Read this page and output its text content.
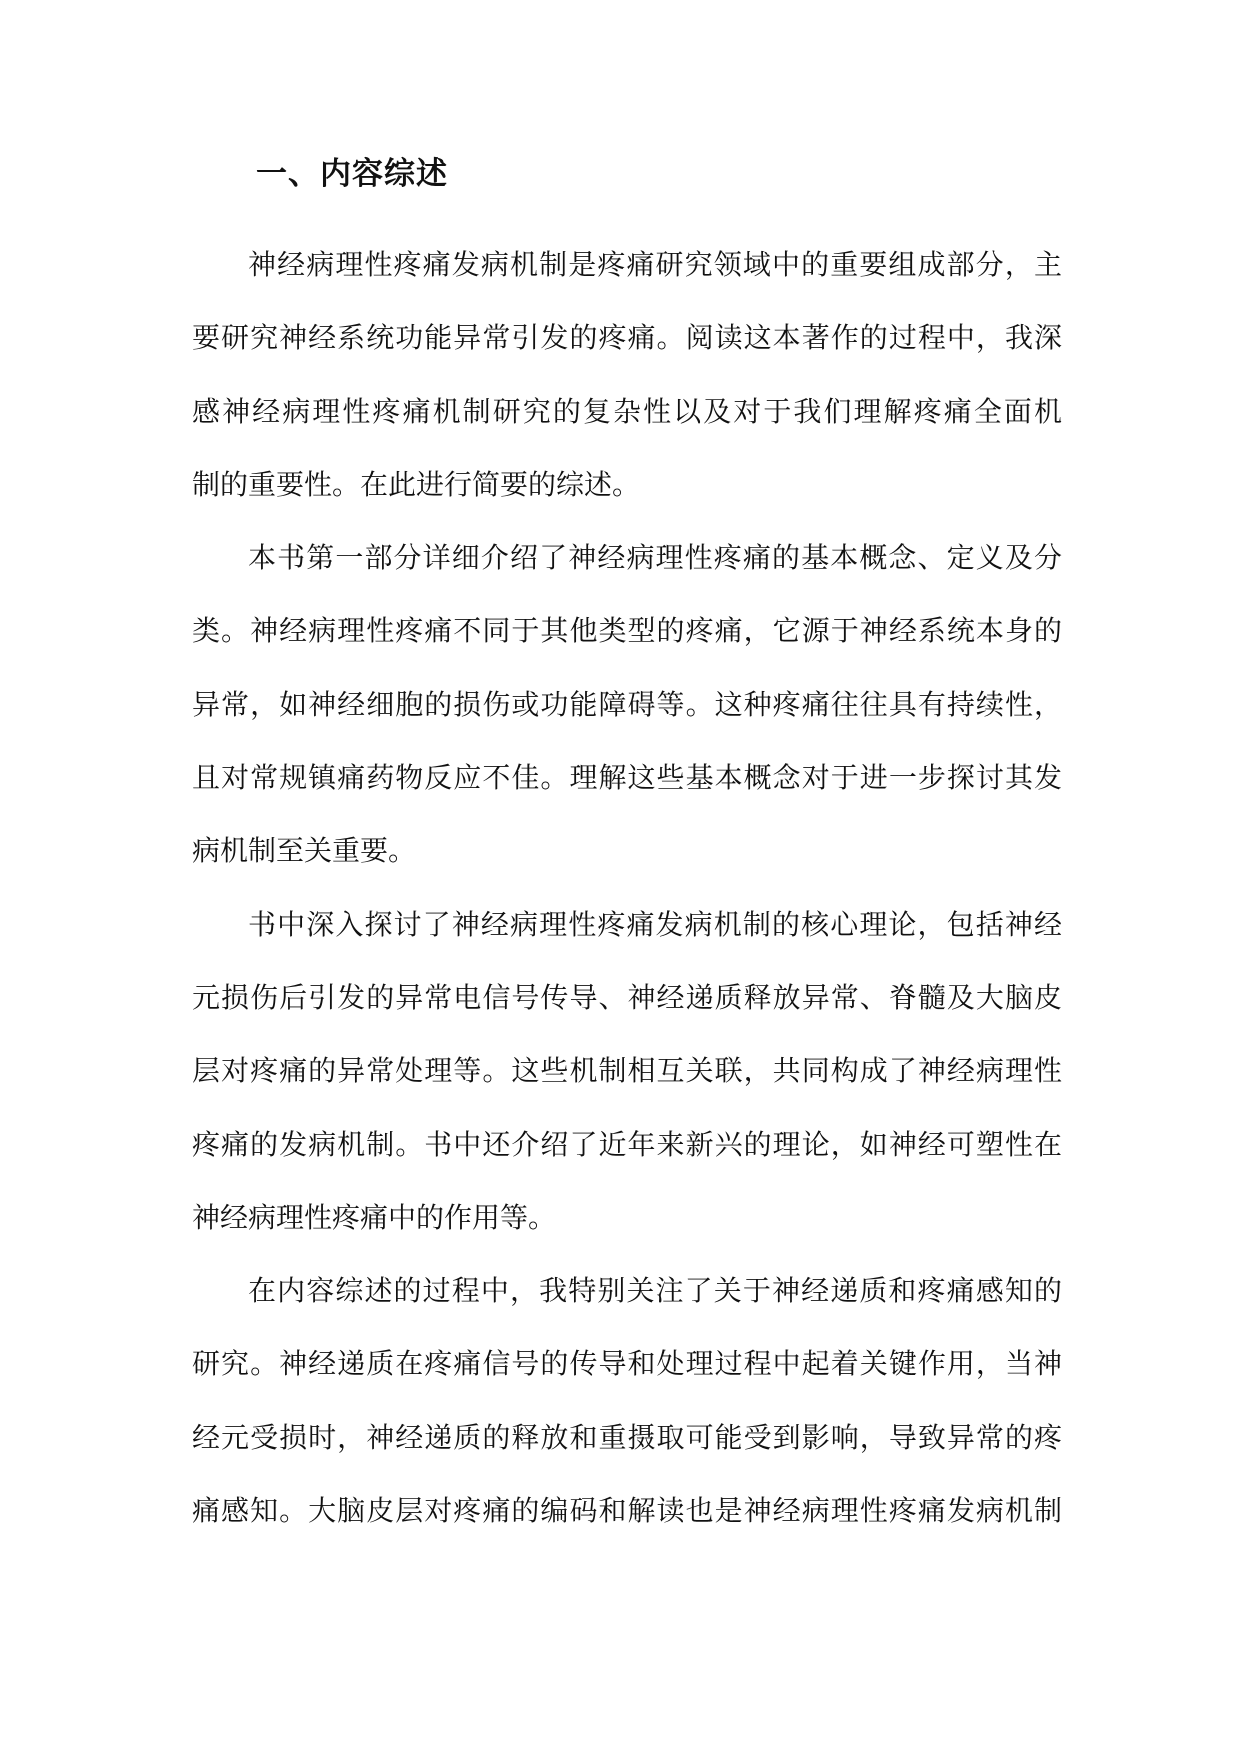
一、内容综述
神经病理性疼痛发病机制是疼痛研究领域中的重要组成部分，主
要研究神经系统功能异常引发的疼痛。阅读这本著作的过程中，我深
感神经病理性疼痛机制研究的复杂性以及对于我们理解疼痛全面机
制的重要性。在此进行简要的综述。
本书第一部分详细介绍了神经病理性疼痛的基本概念、定义及分
类。神经病理性疼痛不同于其他类型的疼痛，它源于神经系统本身的
异常，如神经细胞的损伤或功能障碍等。这种疼痛往往具有持续性，
且对常规镇痛药物反应不佳。理解这些基本概念对于进一步探讨其发
病机制至关重要。
书中深入探讨了神经病理性疼痛发病机制的核心理论，包括神经
元损伤后引发的异常电信号传导、神经递质释放异常、脊髓及大脑皮
层对疼痛的异常处理等。这些机制相互关联，共同构成了神经病理性
疼痛的发病机制。书中还介绍了近年来新兴的理论，如神经可塑性在
神经病理性疼痛中的作用等。
在内容综述的过程中，我特别关注了关于神经递质和疼痛感知的
研究。神经递质在疼痛信号的传导和处理过程中起着关键作用，当神
经元受损时，神经递质的释放和重摄取可能受到影响，导致异常的疼
痛感知。大脑皮层对疼痛的编码和解读也是神经病理性疼痛发病机制
